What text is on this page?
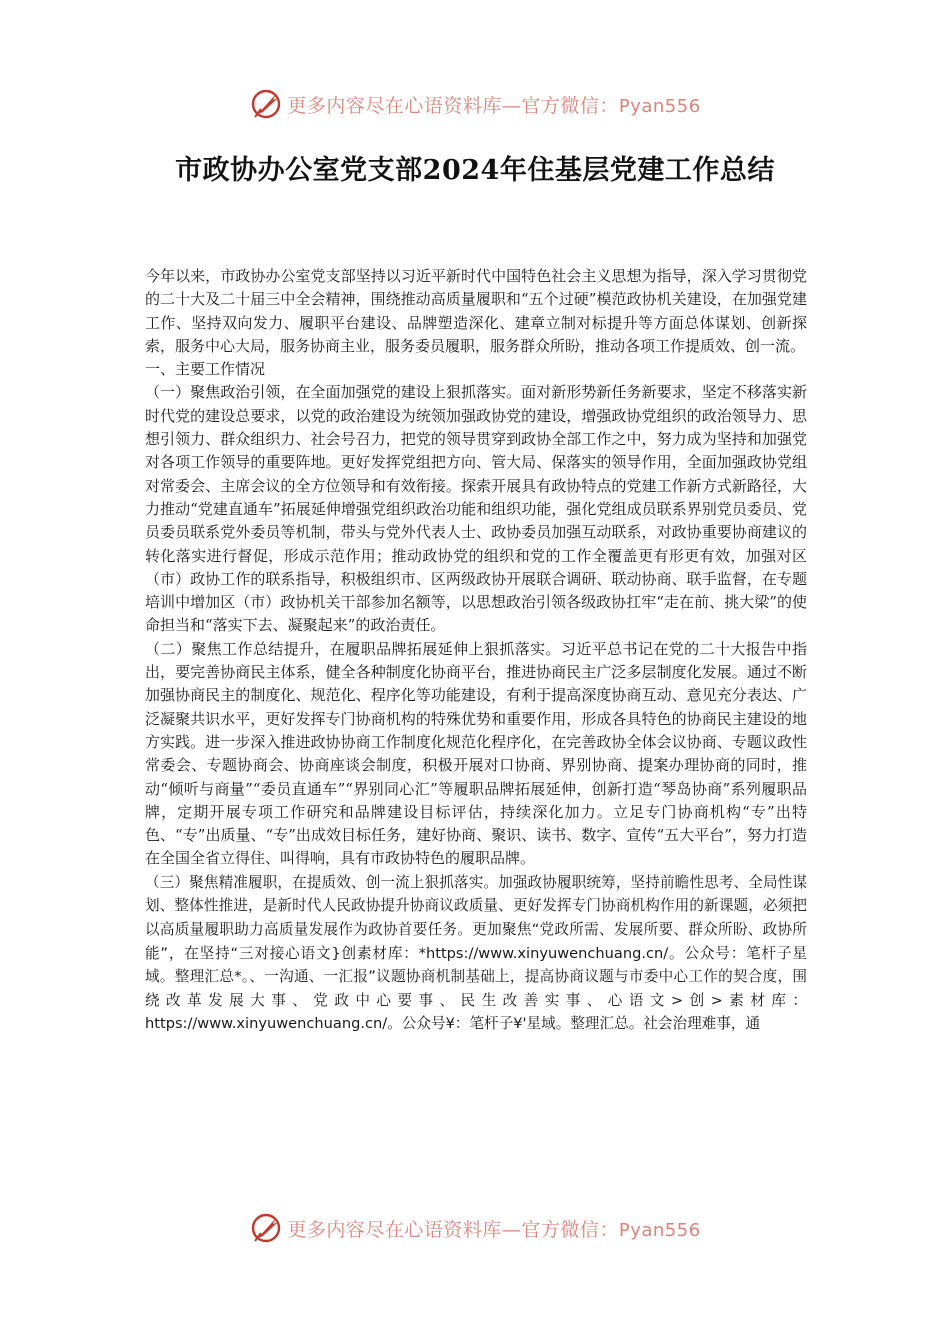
更多内容尽在心语资料库—官方微信：Pyan556
市政协办公室党支部2024年住基层党建工作总结

今年以来，市政协办公室党支部坚持以习近平新时代中国特色社会主义思想为指导，深入学习贯彻党的二十大及二十届三中全会精神，围绕推动高质量履职和“五个过硬”模范政协机关建设，在加强党建工作、坚持双向发力、履职平台建设、品牌塑造深化、建章立制对标提升等方面总体谋划、创新探索，服务中心大局，服务协商主业，服务委员履职，服务群众所盼，推动各项工作提质效、创一流。

一、主要工作情况

（一）聚焦政治引领，在全面加强党的建设上狠抓落实。面对新形势新任务新要求，坚定不移落实新时代党的建设总要求，以党的政治建设为统领加强政协党的建设，增强政协党组织的政治领导力、思想引领力、群众组织力、社会号召力，把党的领导贯穿到政协全部工作之中，努力成为坚持和加强党对各项工作领导的重要阵地。更好发挥党组把方向、管大局、保落实的领导作用，全面加强政协党组对常委会、主席会议的全方位领导和有效衔接。探索开展具有政协特点的党建工作新方式新路径，大力推动“党建直通车”拓展延伸增强党组织政治功能和组织功能，强化党组成员联系界别党员委员、党员委员联系党外委员等机制，带头与党外代表人士、政协委员加强互动联系，对政协重要协商建议的转化落实进行督促，形成示范作用；推动政协党的组织和党的工作全覆盖更有形更有效，加强对区（市）政协工作的联系指导，积极组织市、区两级政协开展联合调研、联动协商、联手监督，在专题培训中增加区（市）政协机关干部参加名额等，以思想政治引领各级政协扛牢“走在前、挑大梁”的使命担当和“落实下去、凝聚起来”的政治责任。

（二）聚焦工作总结提升，在履职品牌拓展延伸上狠抓落实。习近平总书记在党的二十大报告中指出，要完善协商民主体系，健全各种制度化协商平台，推进协商民主广泛多层制度化发展。通过不断加强协商民主的制度化、规范化、程序化等功能建设，有利于提高深度协商互动、意见充分表达、广泛凝聚共识水平，更好发挥专门协商机构的特殊优势和重要作用，形成各具特色的协商民主建设的地方实践。进一步深入推进政协协商工作制度化规范化程序化，在完善政协全体会议协商、专题议政性常委会、专题协商会、协商座谈会制度，积极开展对口协商、界别协商、提案办理协商的同时，推动“倾听与商量”“委员直通车”“界别同心汇”等履职品牌拓展延伸，创新打造“琴岛协商”系列履职品牌，定期开展专项工作研究和品牌建设目标评估，持续深化加力。立足专门协商机构“专”出特色、“专”出质量、“专”出成效目标任务，建好协商、聚识、读书、数字、宣传“五大平台”，努力打造在全国全省立得住、叫得响，具有市政协特色的履职品牌。

（三）聚焦精准履职，在提质效、创一流上狠抓落实。加强政协履职统筹，坚持前瞻性思考、全局性谋划、整体性推进，是新时代人民政协提升协商议政质量、更好发挥专门协商机构作用的新课题，必须把以高质量履职助力高质量发展作为政协首要任务。更加聚焦“党政所需、发展所要、群众所盼、政协所能”，在坚持“三对接心语文}创素材库：*https://www.xinyuwenchuang.cn/。公众号：笔杆子星域。整理汇总*。、一沟通、一汇报”议题协商机制基础上，提高协商议题与市委中心工作的契合度，围绕改革发展大事、党政中心要事、民生改善实事、心语文>创>素材库：https://www.xinyuwenchuang.cn/。公众号¥：笔杆子¥'星域。整理汇总。社会治理难事，通

更多内容尽在心语资料库—官方微信：Pyan556
